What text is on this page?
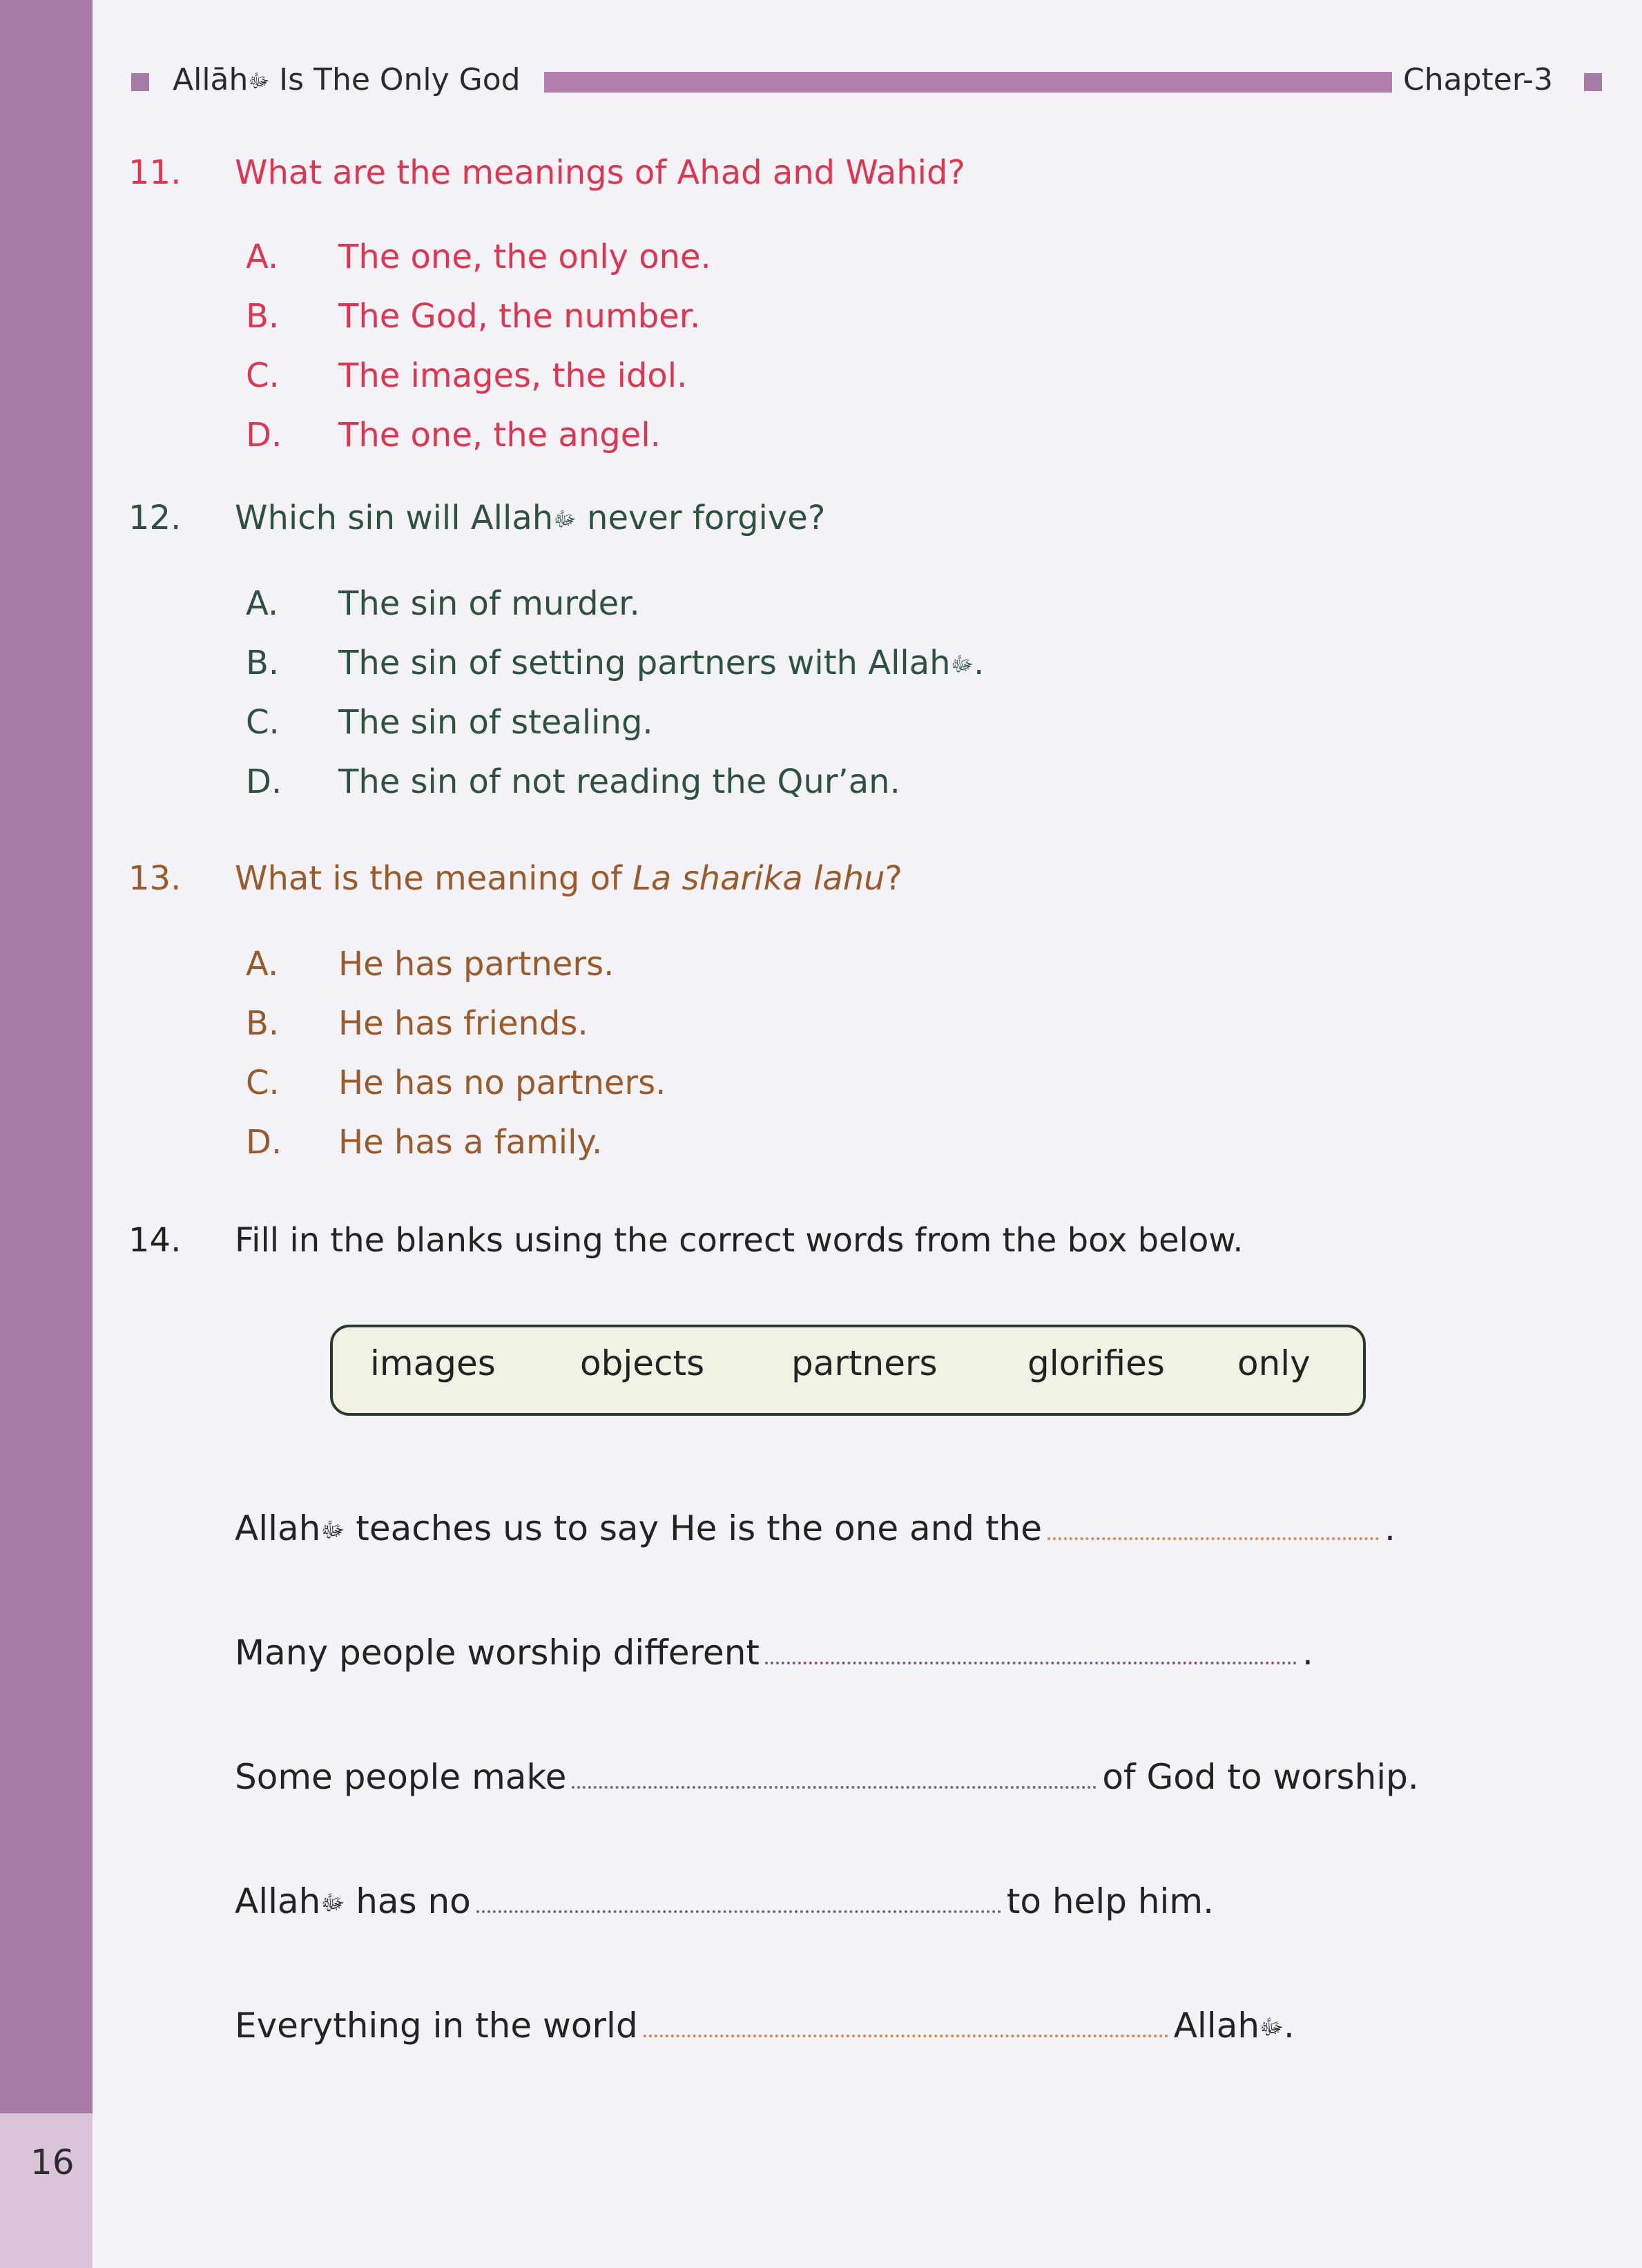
16
Allāhﷻ Is The Only God	Chapter-3
11. What are the meanings of Ahad and Wahid?
A. The one, the only one.
B. The God, the number.
C. The images, the idol.
D. The one, the angel.
12. Which sin will Allahﷻ never forgive?
A. The sin of murder.
B. The sin of setting partners with Allahﷻ.
C. The sin of stealing.
D. The sin of not reading the Qur’an.
13. What is the meaning of La sharika lahu?
A. He has partners.
B. He has friends.
C. He has no partners.
D. He has a family.
14. Fill in the blanks using the correct words from the box below.
images objects	partners	glorifies only
Allahﷻ teaches us to say He is the one and the	.
Many people worship different	.
Some people make	of God to worship.
Allahﷻ has no	to help him.
Everything in the world	Allahﷻ.
